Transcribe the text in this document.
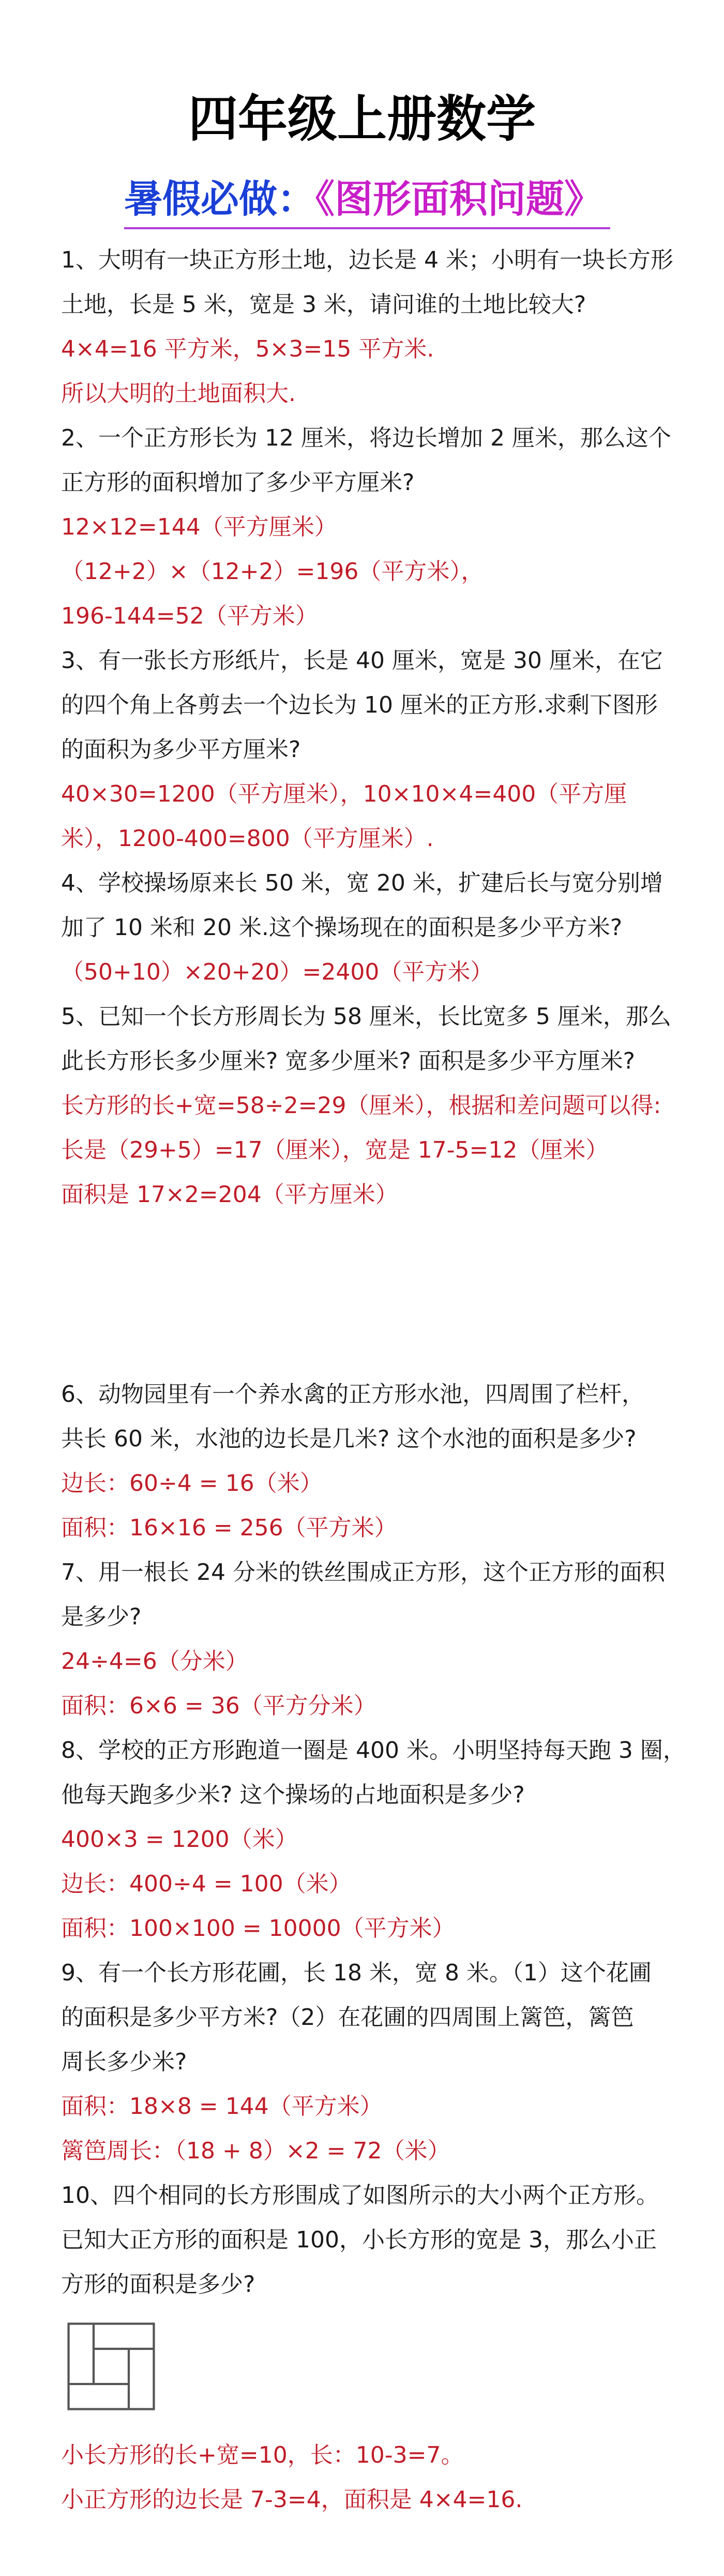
四年级上册数学
暑假必做：《图形面积问题》
1、大明有一块正方形土地，边长是 4 米；小明有一块长方形
土地，长是 5 米，宽是 3 米，请问谁的土地比较大?
4×4=16 平方米，5×3=15 平方米.
所以大明的土地面积大.
2、一个正方形长为 12 厘米，将边长增加 2 厘米，那么这个
正方形的面积增加了多少平方厘米?
12×12=144（平方厘米）
（12+2）×（12+2）=196（平方米），
196-144=52（平方米）
3、有一张长方形纸片，长是 40 厘米，宽是 30 厘米，在它
的四个角上各剪去一个边长为 10 厘米的正方形.求剩下图形
的面积为多少平方厘米?
40×30=1200（平方厘米），10×10×4=400（平方厘
米），1200-400=800（平方厘米）.
4、学校操场原来长 50 米，宽 20 米，扩建后长与宽分别增
加了 10 米和 20 米.这个操场现在的面积是多少平方米?
（50+10）×20+20）=2400（平方米）
5、已知一个长方形周长为 58 厘米，长比宽多 5 厘米，那么
此长方形长多少厘米? 宽多少厘米? 面积是多少平方厘米?
长方形的长+宽=58÷2=29（厘米），根据和差问题可以得:
长是（29+5）=17（厘米），宽是 17-5=12（厘米）
面积是 17×2=204（平方厘米）
6、动物园里有一个养水禽的正方形水池，四周围了栏杆，
共长 60 米，水池的边长是几米? 这个水池的面积是多少?
边长：60÷4 = 16（米）
面积：16×16 = 256（平方米）
7、用一根长 24 分米的铁丝围成正方形，这个正方形的面积
是多少?
24÷4=6（分米）
面积：6×6 = 36（平方分米）
8、学校的正方形跑道一圈是 400 米。小明坚持每天跑 3 圈，
他每天跑多少米? 这个操场的占地面积是多少?
400×3 = 1200（米）
边长：400÷4 = 100（米）
面积：100×100 = 10000（平方米）
9、有一个长方形花圃，长 18 米，宽 8 米。（1）这个花圃
的面积是多少平方米?（2）在花圃的四周围上篱笆，篱笆
周长多少米?
面积：18×8 = 144（平方米）
篱笆周长：（18 + 8）×2 = 72（米）
10、四个相同的长方形围成了如图所示的大小两个正方形。
已知大正方形的面积是 100，小长方形的宽是 3，那么小正
方形的面积是多少?
小长方形的长+宽=10，长：10-3=7。
小正方形的边长是 7-3=4，面积是 4×4=16.
